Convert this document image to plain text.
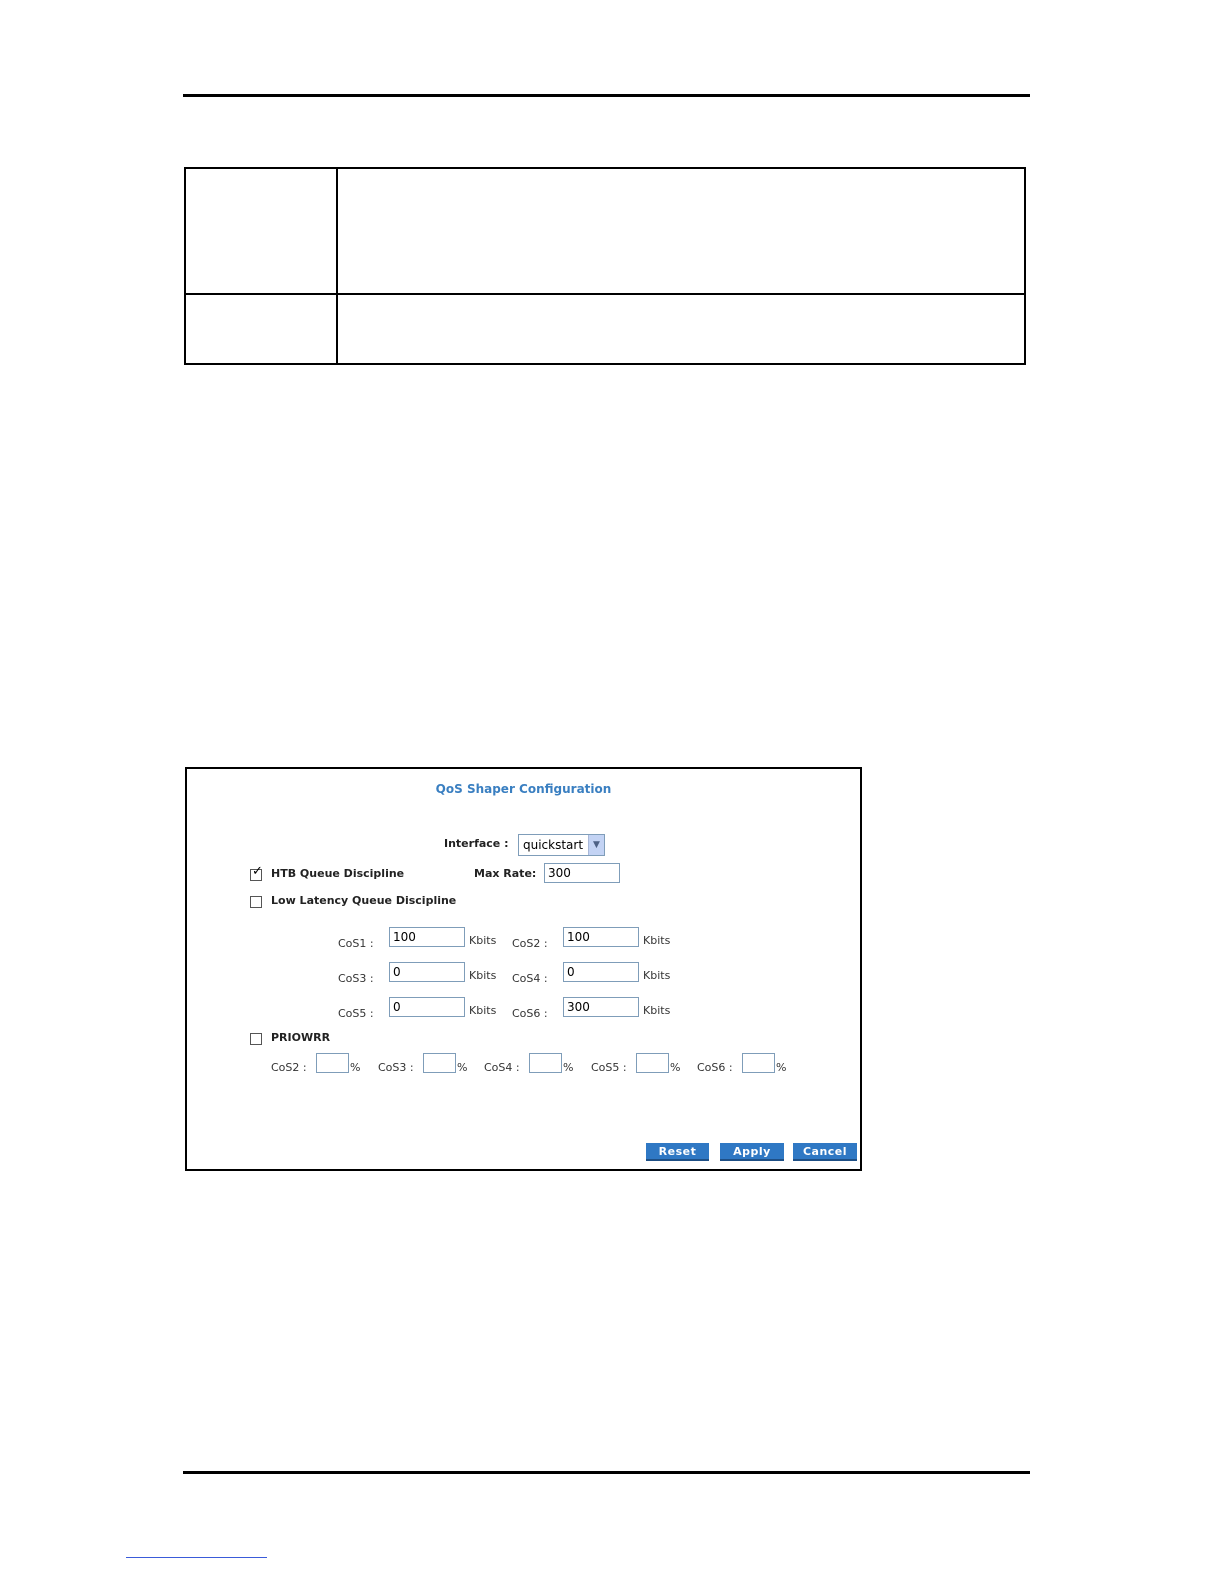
QoS Shaper Configuration
Interface :	quickstart	▼
✓ HTB Queue Discipline	Max Rate: 300
Low Latency Queue Discipline
CoS1 :	100	Kbits CoS2 :	100	Kbits
CoS3 :	0	Kbits CoS4 :	0	Kbits
CoS5 :	0	Kbits CoS6 :	300	Kbits
PRIOWRR
CoS2 :	% CoS3 :	% CoS4 :	% CoS5 :	% CoS6 :	%
Reset	Apply	Cancel
